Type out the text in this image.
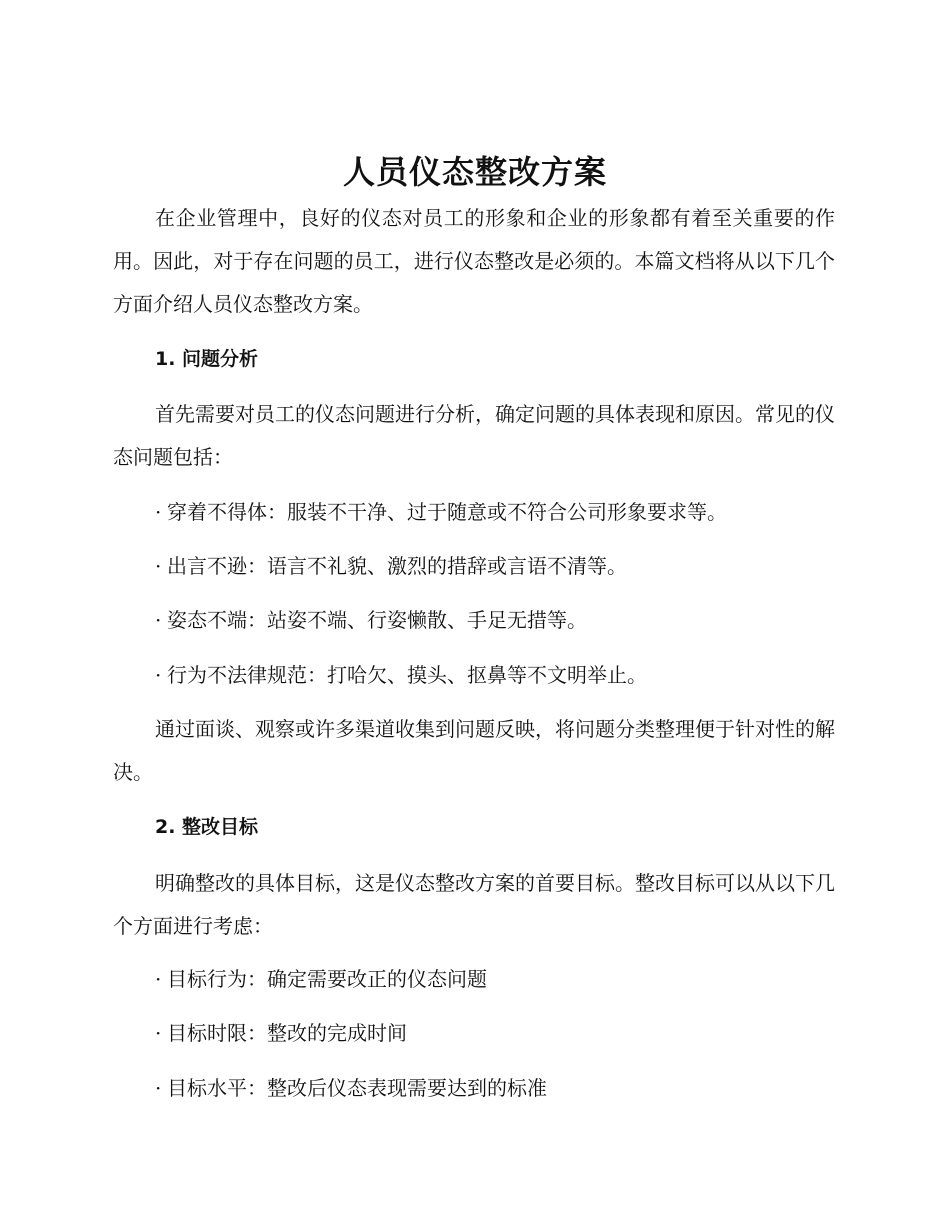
人员仪态整改方案

在企业管理中，良好的仪态对员工的形象和企业的形象都有着至关重要的作用。因此，对于存在问题的员工，进行仪态整改是必须的。本篇文档将从以下几个方面介绍人员仪态整改方案。

1. 问题分析

首先需要对员工的仪态问题进行分析，确定问题的具体表现和原因。常见的仪态问题包括：

· 穿着不得体：服装不干净、过于随意或不符合公司形象要求等。

· 出言不逊：语言不礼貌、激烈的措辞或言语不清等。

· 姿态不端：站姿不端、行姿懒散、手足无措等。

· 行为不法律规范：打哈欠、摸头、抠鼻等不文明举止。

通过面谈、观察或许多渠道收集到问题反映，将问题分类整理便于针对性的解决。

2. 整改目标

明确整改的具体目标，这是仪态整改方案的首要目标。整改目标可以从以下几个方面进行考虑：

· 目标行为：确定需要改正的仪态问题

· 目标时限：整改的完成时间

· 目标水平：整改后仪态表现需要达到的标准
